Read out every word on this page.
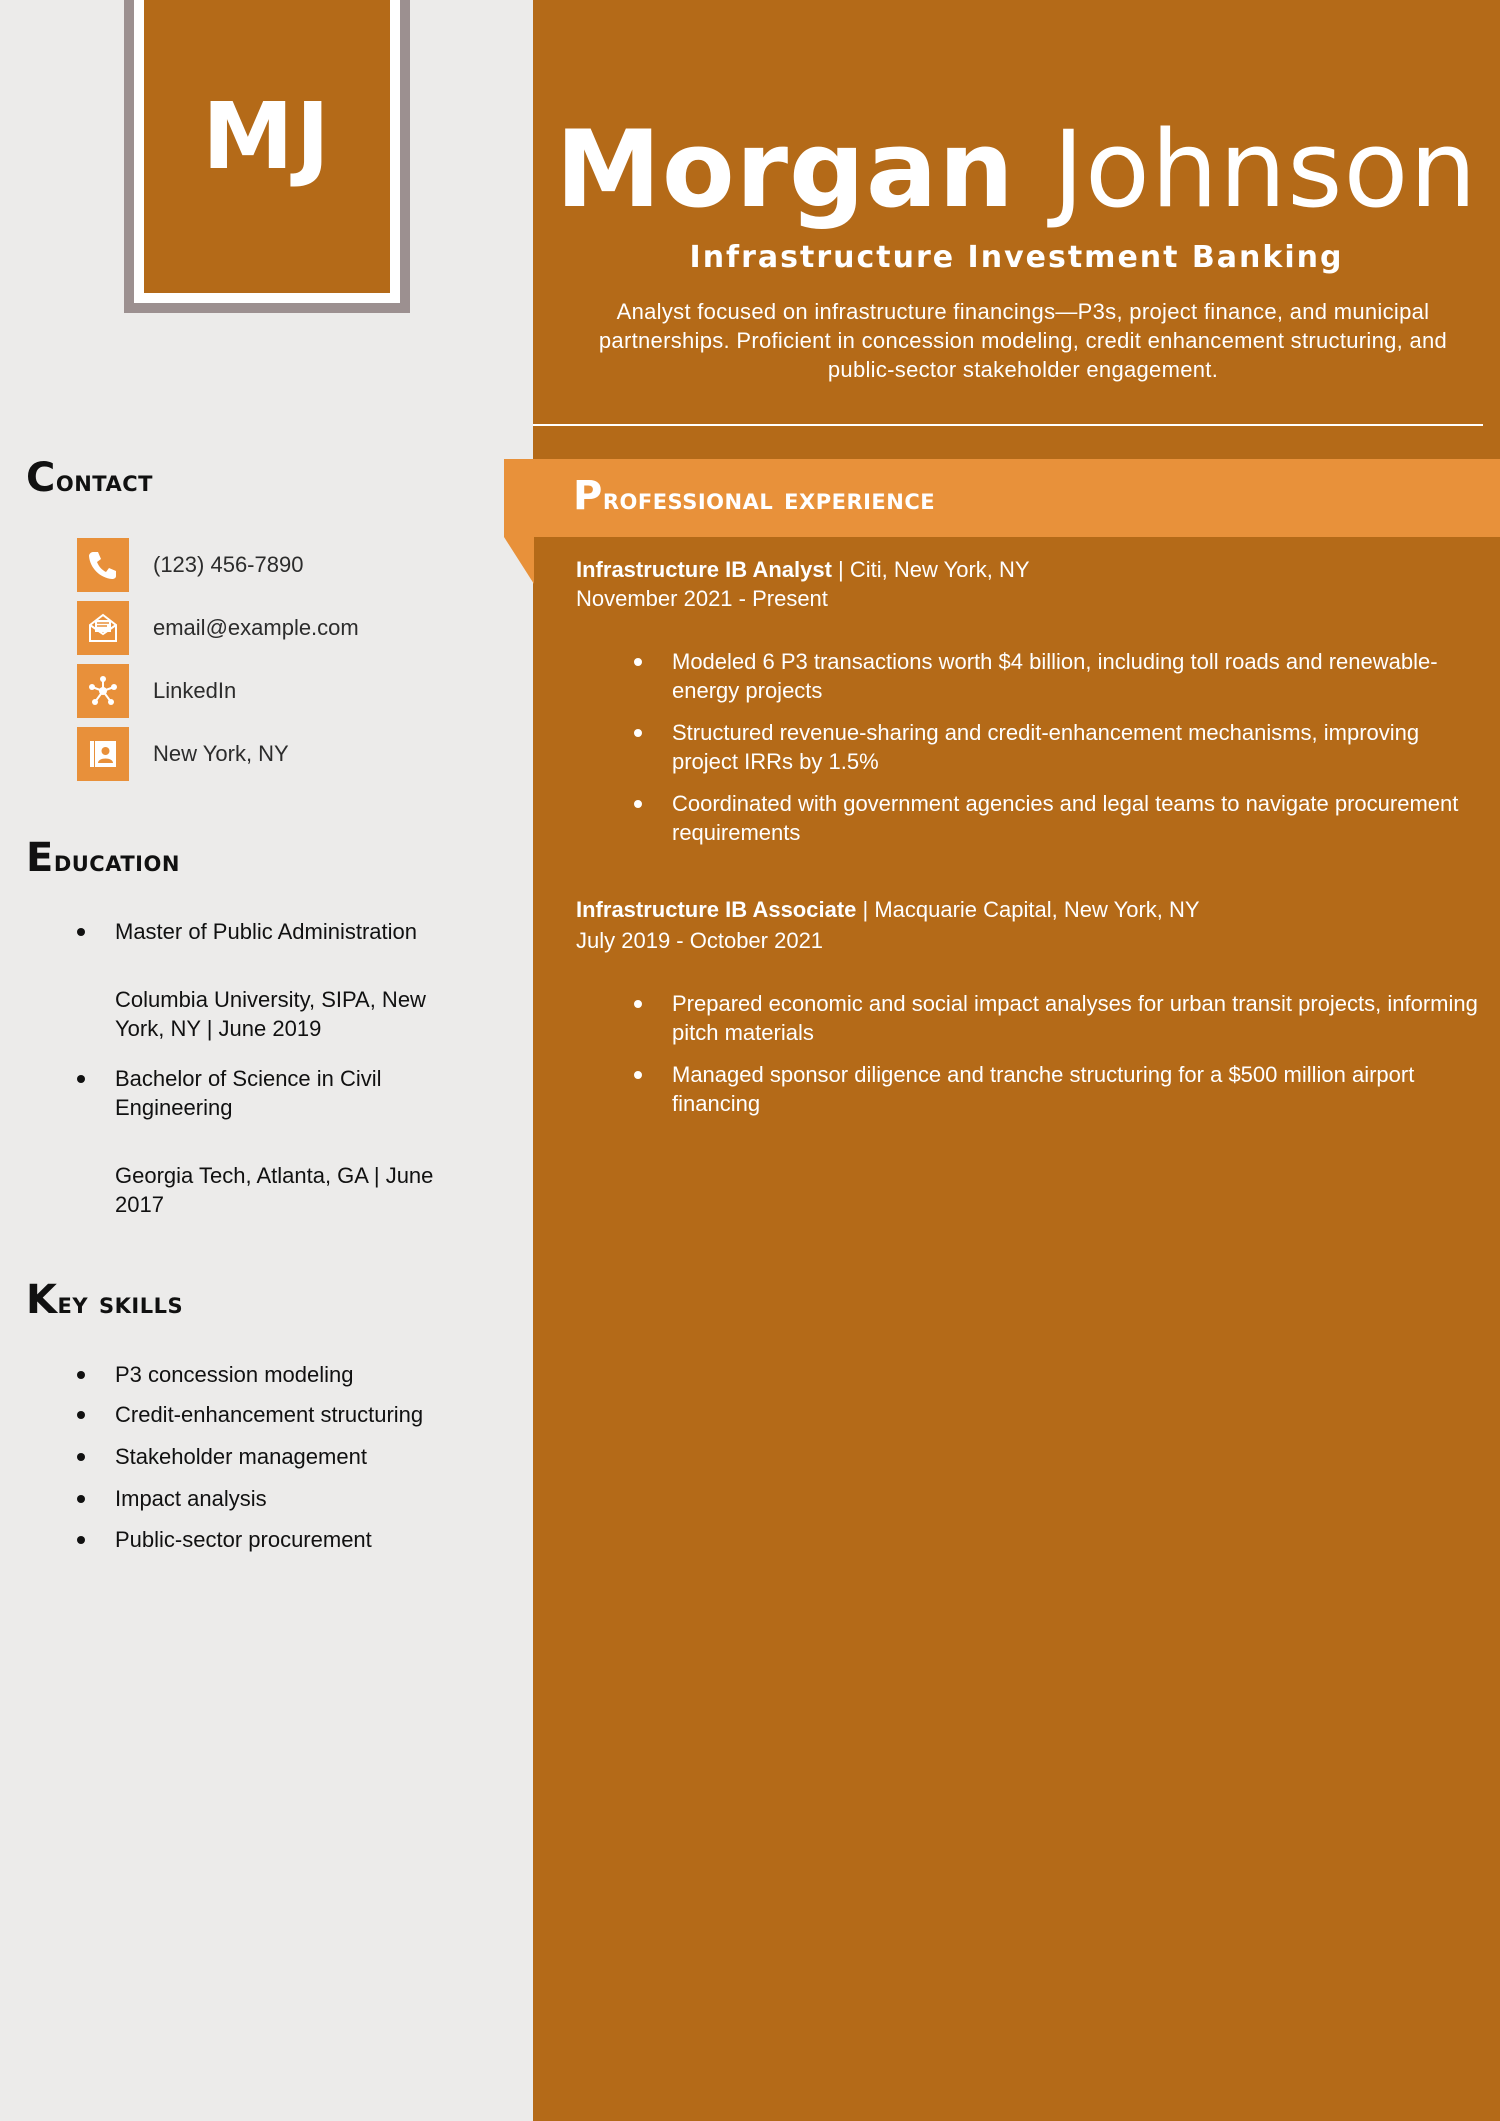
MJ
Contact
(123) 456-7890
email@example.com
LinkedIn
New York, NY
Education
Master of Public Administration
Columbia University, SIPA, New York, NY | June 2019
Bachelor of Science in Civil Engineering
Georgia Tech, Atlanta, GA | June 2017
Key skills
P3 concession modeling
Credit-enhancement structuring
Stakeholder management
Impact analysis
Public-sector procurement
Morgan Johnson
Infrastructure Investment Banking
Analyst focused on infrastructure financings—P3s, project finance, and municipal partnerships. Proficient in concession modeling, credit enhancement structuring, and public-sector stakeholder engagement.
Professional experience
Infrastructure IB Analyst | Citi, New York, NY
November 2021 - Present
Modeled 6 P3 transactions worth $4 billion, including toll roads and renewable-energy projects
Structured revenue-sharing and credit-enhancement mechanisms, improving project IRRs by 1.5%
Coordinated with government agencies and legal teams to navigate procurement requirements
Infrastructure IB Associate | Macquarie Capital, New York, NY
July 2019 - October 2021
Prepared economic and social impact analyses for urban transit projects, informing pitch materials
Managed sponsor diligence and tranche structuring for a $500 million airport financing
